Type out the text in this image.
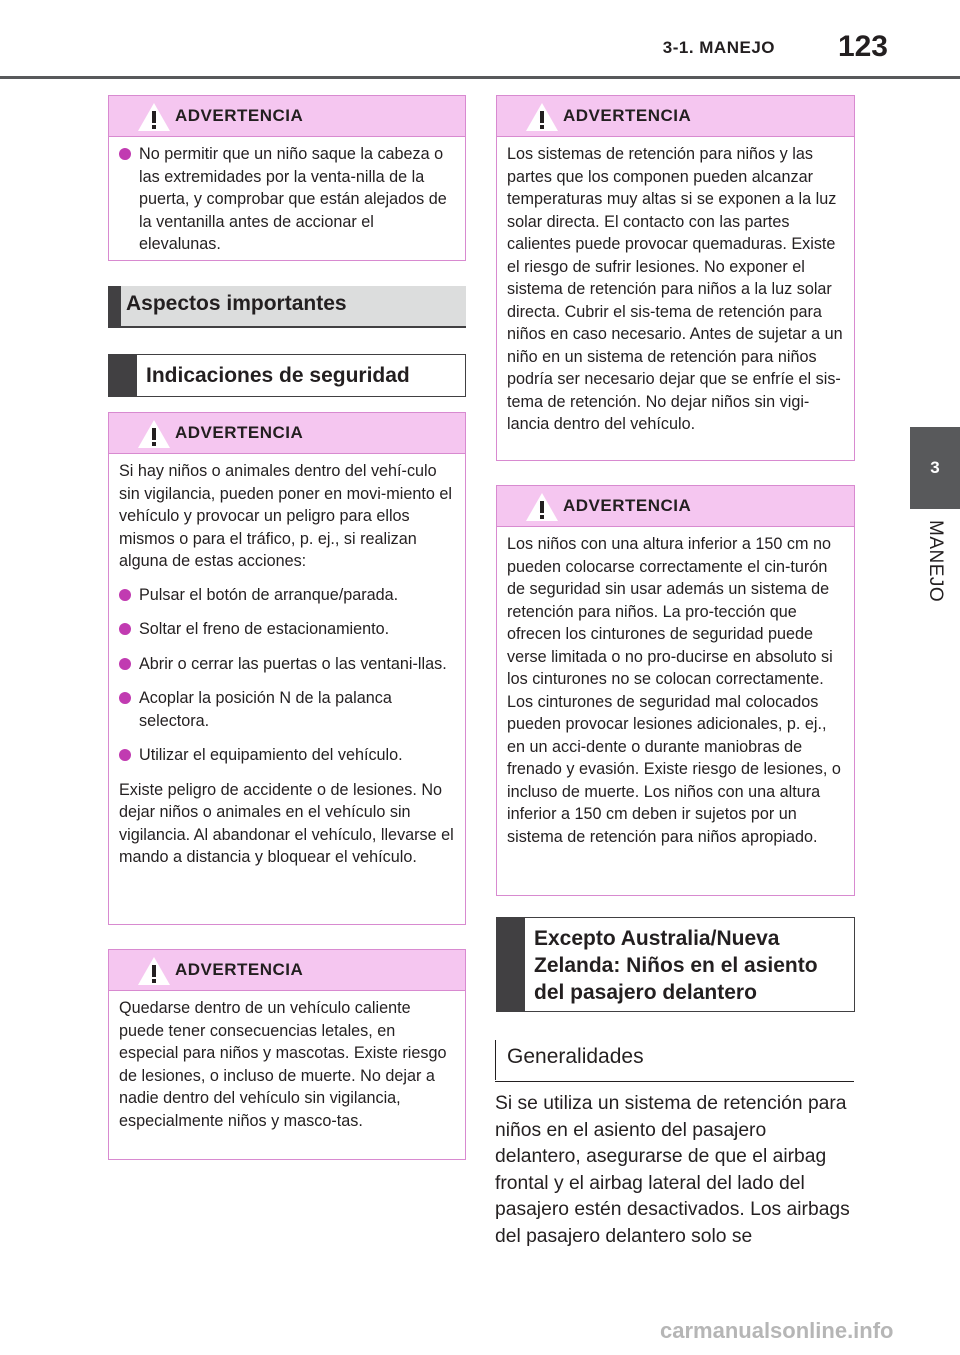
3-1. MANEJO 123
3
MANEJO
ADVERTENCIA
No permitir que un niño saque la cabeza o las extremidades por la venta-nilla de la puerta, y comprobar que están alejados de la ventanilla antes de accionar el elevalunas.
Aspectos importantes
Indicaciones de seguridad
ADVERTENCIA

Si hay niños o animales dentro del vehí-culo sin vigilancia, pueden poner en movi-miento el vehículo y provocar un peligro para ellos mismos o para el tráfico, p. ej., si realizan alguna de estas acciones:

Pulsar el botón de arranque/parada.
Soltar el freno de estacionamiento.
Abrir o cerrar las puertas o las ventani-llas.
Acoplar la posición N de la palanca selectora.
Utilizar el equipamiento del vehículo.

Existe peligro de accidente o de lesiones. No dejar niños o animales en el vehículo sin vigilancia. Al abandonar el vehículo, llevarse el mando a distancia y bloquear el vehículo.

ADVERTENCIA

Quedarse dentro de un vehículo caliente puede tener consecuencias letales, en especial para niños y mascotas. Existe riesgo de lesiones, o incluso de muerte. No dejar a nadie dentro del vehículo sin vigilancia, especialmente niños y masco-tas.

ADVERTENCIA

Los sistemas de retención para niños y las partes que los componen pueden alcanzar temperaturas muy altas si se exponen a la luz solar directa. El contacto con las partes calientes puede provocar quemaduras. Existe el riesgo de sufrir lesiones. No exponer el sistema de retención para niños a la luz solar directa. Cubrir el sis-tema de retención para niños en caso necesario. Antes de sujetar a un niño en un sistema de retención para niños podría ser necesario dejar que se enfríe el sis-tema de retención. No dejar niños sin vigi-lancia dentro del vehículo.

ADVERTENCIA

Los niños con una altura inferior a 150 cm no pueden colocarse correctamente el cin-turón de seguridad sin usar además un sistema de retención para niños. La pro-tección que ofrecen los cinturones de seguridad puede verse limitada o no pro-ducirse en absoluto si los cinturones no se colocan correctamente. Los cinturones de seguridad mal colocados pueden provocar lesiones adicionales, p. ej., en un acci-dente o durante maniobras de frenado y evasión. Existe riesgo de lesiones, o incluso de muerte. Los niños con una altura inferior a 150 cm deben ir sujetos por un sistema de retención para niños apropiado.

Excepto Australia/Nueva Zelanda: Niños en el asiento del pasajero delantero
Generalidades
Si se utiliza un sistema de retención para niños en el asiento del pasajero delantero, asegurarse de que el airbag frontal y el airbag lateral del lado del pasajero estén desactivados. Los airbags del pasajero delantero solo se
carmanualsonline.info
